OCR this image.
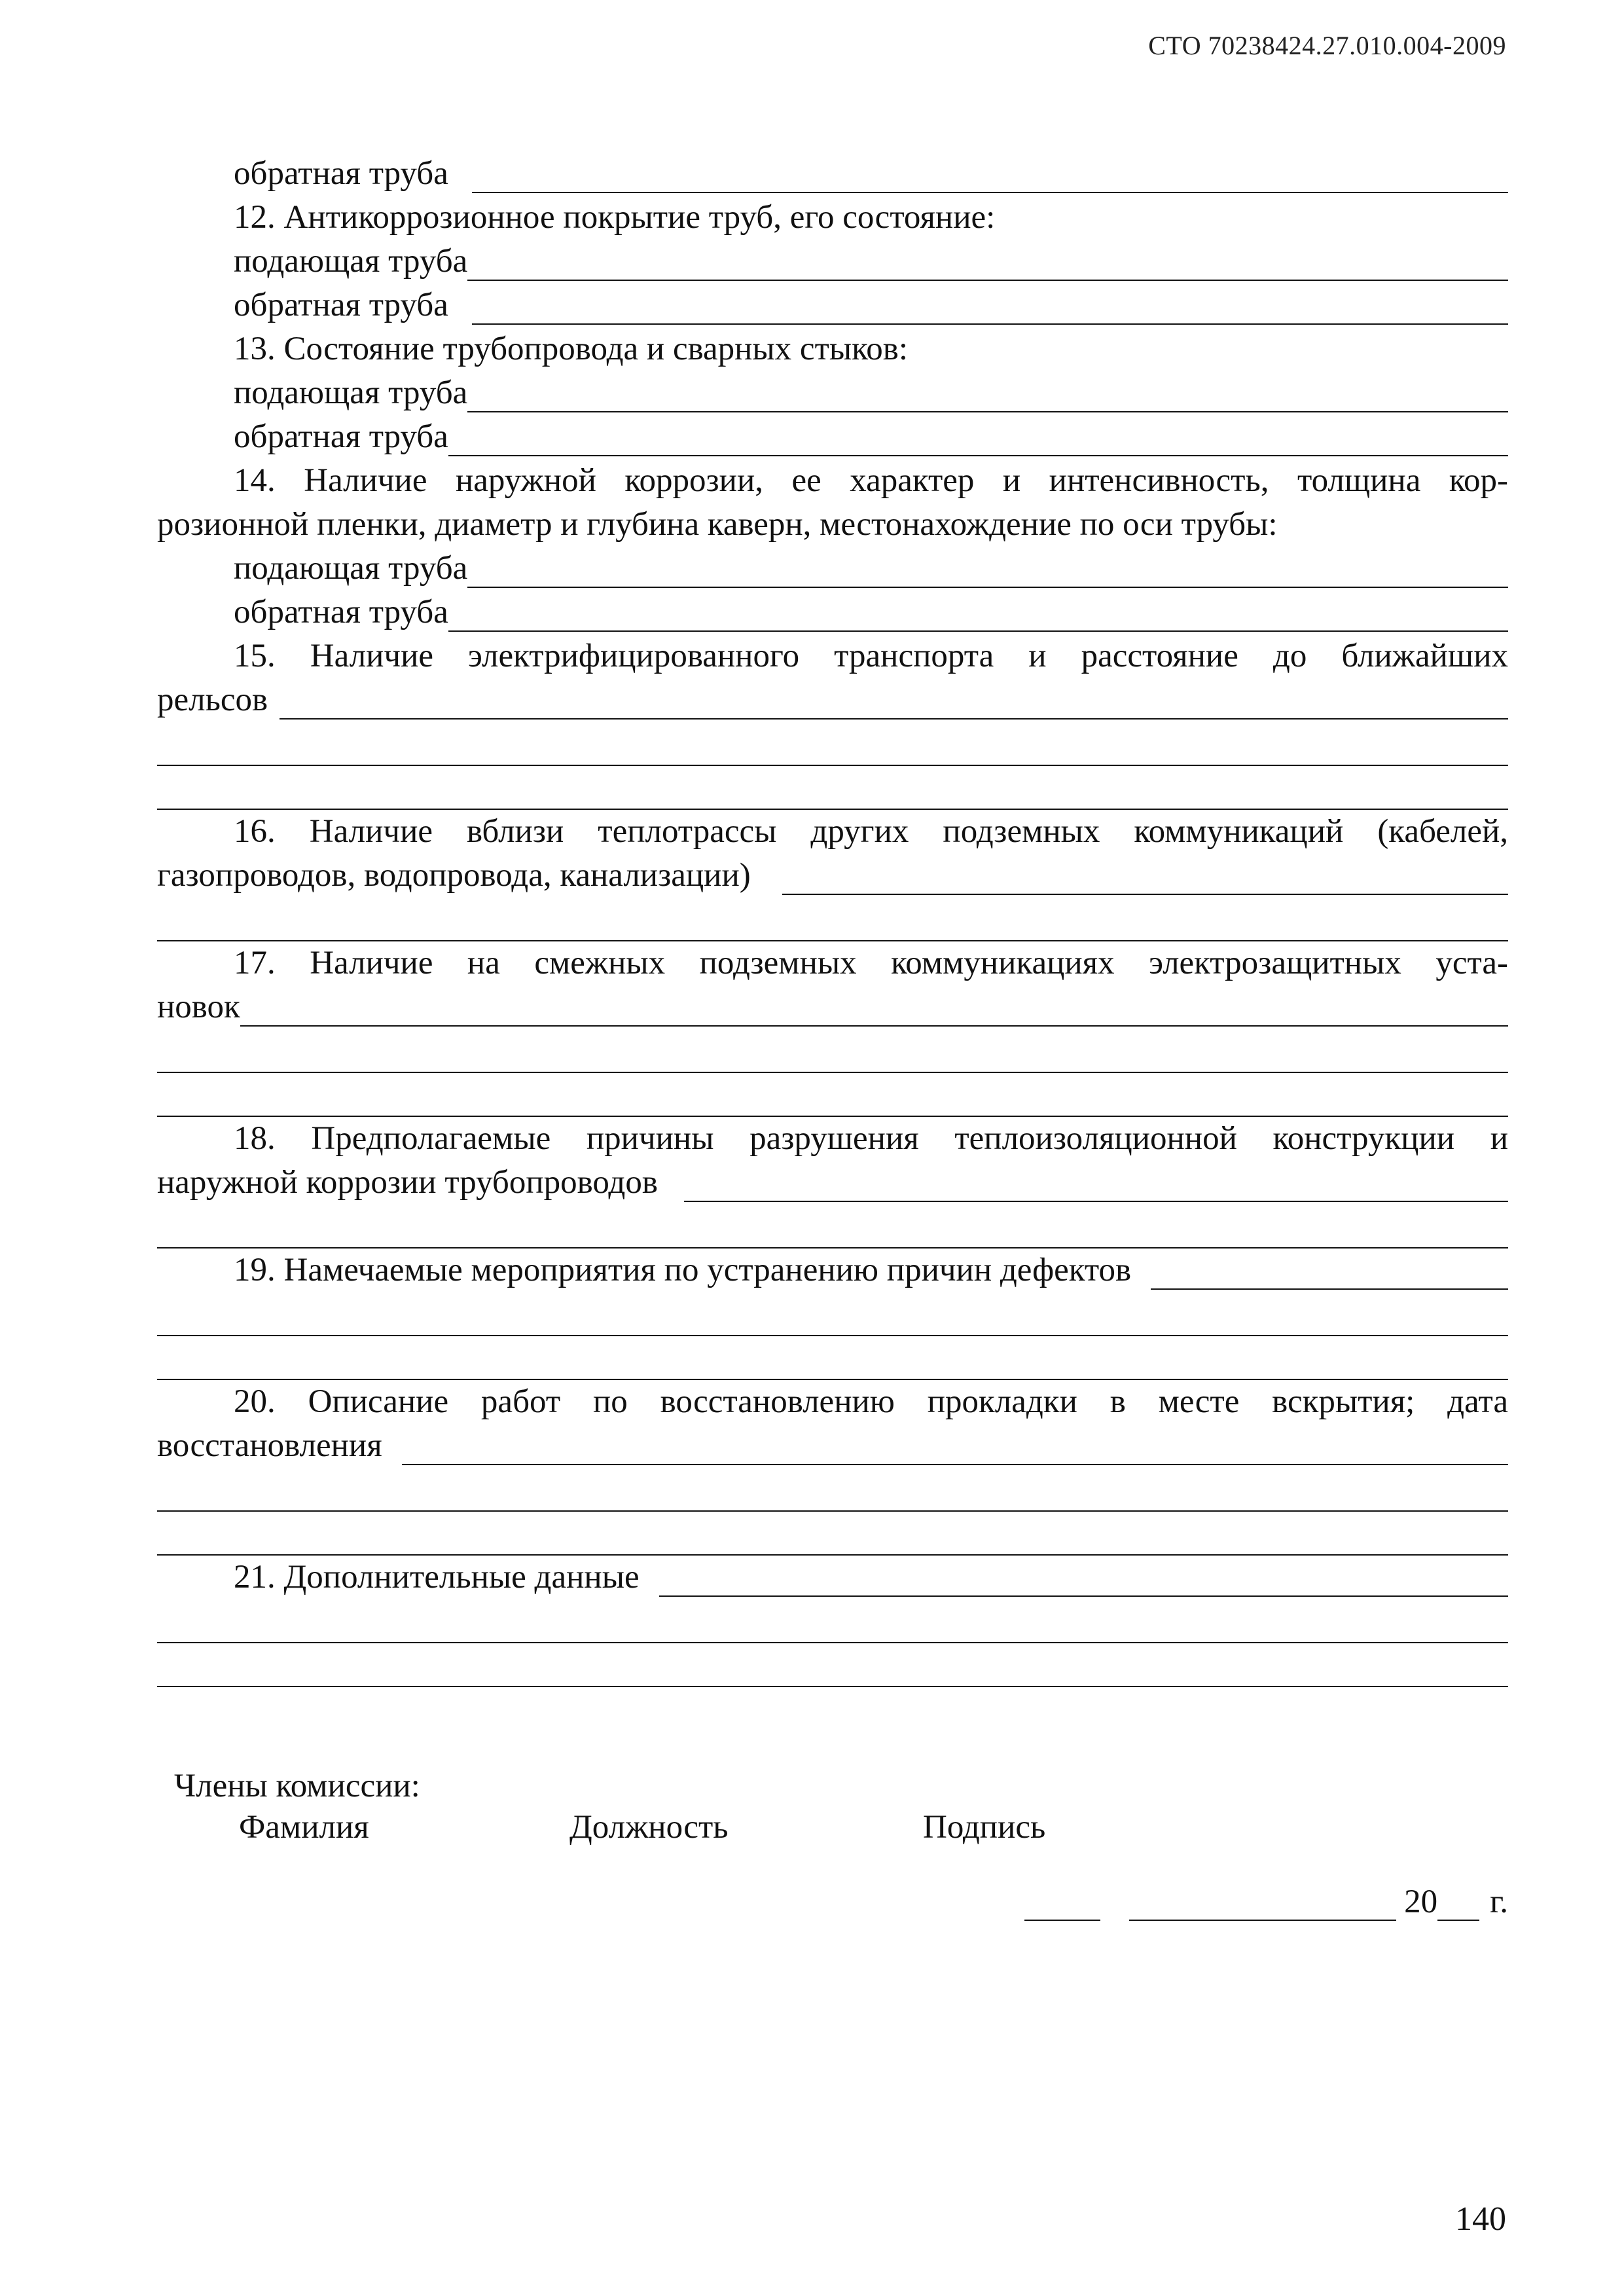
СТО 70238424.27.010.004-2009
обратная труба
12. Антикоррозионное покрытие труб, его состояние:
подающая труба
обратная труба
13. Состояние трубопровода и сварных стыков:
подающая труба
обратная труба
14. Наличие наружной коррозии, ее характер и интенсивность, толщина кор-
розионной пленки, диаметр и глубина каверн, местонахождение по оси трубы:
подающая труба
обратная труба
15. Наличие электрифицированного транспорта и расстояние до ближайших
рельсов
16. Наличие вблизи теплотрассы других подземных коммуникаций (кабелей,
газопроводов, водопровода, канализации)
17. Наличие на смежных подземных коммуникациях электрозащитных уста-
новок
18. Предполагаемые причины разрушения теплоизоляционной конструкции и
наружной коррозии трубопроводов
19. Намечаемые мероприятия по устранению причин дефектов
20. Описание работ по восстановлению прокладки в месте вскрытия; дата
восстановления
21. Дополнительные данные
Члены комиссии:
Фамилия	Должность	Подпись
20 г.
140
